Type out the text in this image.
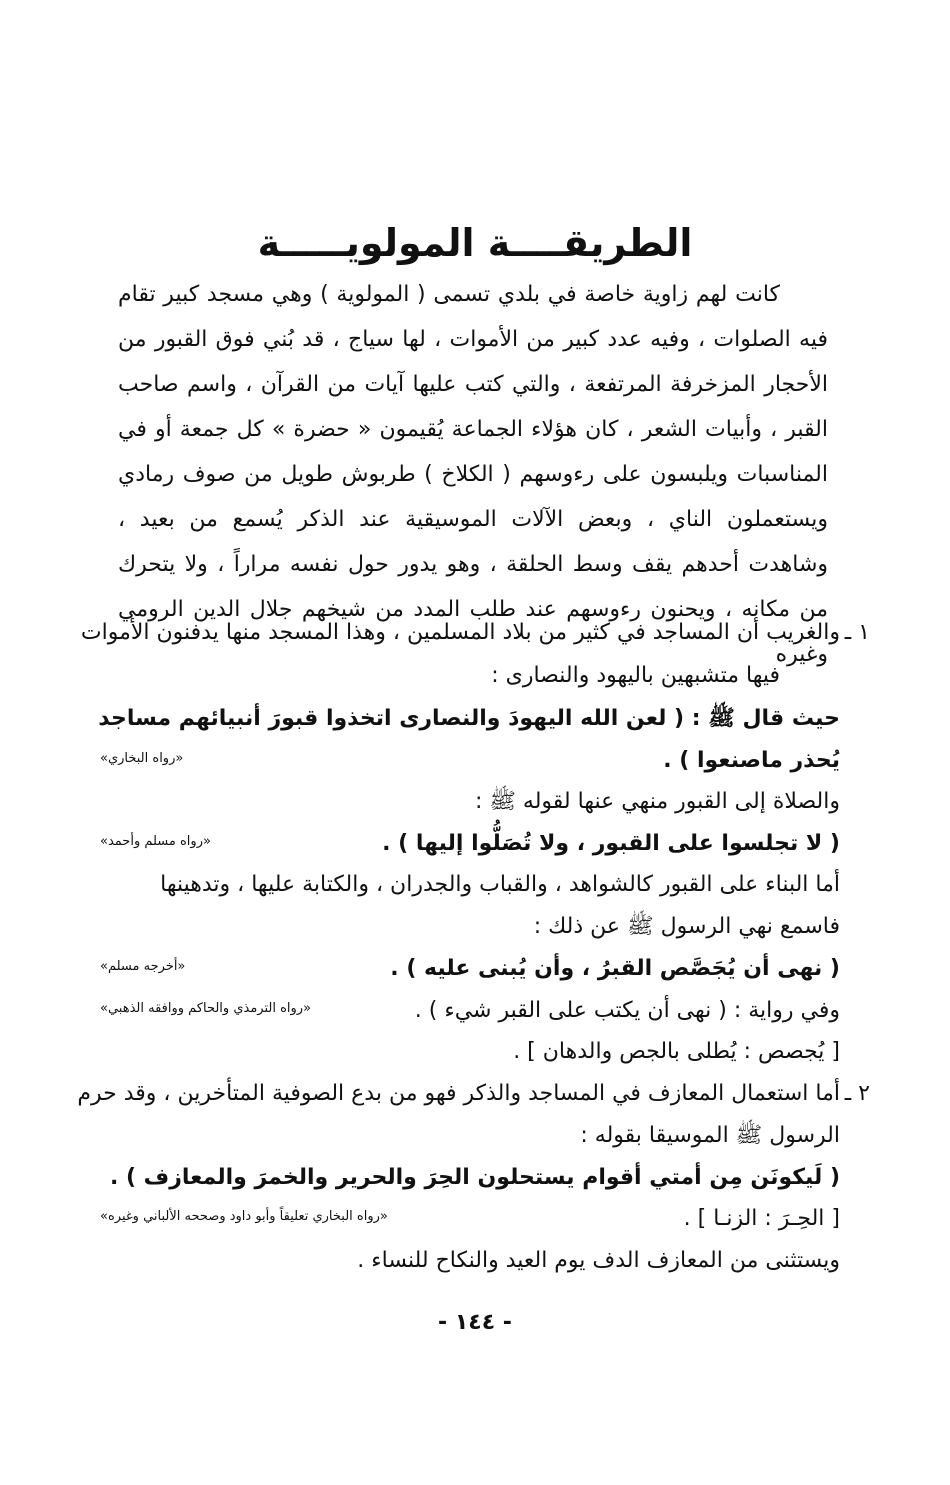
الطريقــــة المولويـــــة

كانت لهم زاوية خاصة في بلدي تسمى ( المولوية ) وهي مسجد كبير تقام فيه الصلوات ، وفيه عدد كبير من الأموات ، لها سياج ، قد بُني فوق القبور من الأحجار المزخرفة المرتفعة ، والتي كتب عليها آيات من القرآن ، واسم صاحب القبر ، وأبيات الشعر ، كان هؤلاء الجماعة يُقيمون « حضرة » كل جمعة أو في المناسبات ويلبسون على رءوسهم ( الكلاخ ) طربوش طويل من صوف رمادي ويستعملون الناي ، وبعض الآلات الموسيقية عند الذكر يُسمع من بعيد ، وشاهدت أحدهم يقف وسط الحلقة ، وهو يدور حول نفسه مراراً ، ولا يتحرك من مكانه ، ويحنون رءوسهم عند طلب المدد من شيخهم جلال الدين الرومي وغيره

١ ـ
والغريب أن المساجد في كثير من بلاد المسلمين ، وهذا المسجد منها يدفنون الأموات
فيها متشبهين باليهود والنصارى :
حيث قال ﷺ : ( لعن الله اليهودَ والنصارى اتخذوا قبورَ أنبيائهم مساجد
يُحذر ماصنعوا ) .
«رواه البخاري»
والصلاة إلى القبور منهي عنها لقوله ﷺ :
( لا تجلسوا على القبور ، ولا تُصَلُّوا إليها ) .
«رواه مسلم وأحمد»
أما البناء على القبور كالشواهد ، والقباب والجدران ، والكتابة عليها ، وتدهينها
فاسمع نهي الرسول ﷺ عن ذلك :
( نهى أن يُجَصَّص القبرُ ، وأن يُبنى عليه ) .
«أخرجه مسلم»
وفي رواية : ( نهى أن يكتب على القبر شيء ) .
«رواه الترمذي والحاكم ووافقه الذهبي»
[ يُجصص : يُطلى بالجص والدهان ] .
٢ ـ
أما استعمال المعازف في المساجد والذكر فهو من بدع الصوفية المتأخرين ، وقد حرم
الرسول ﷺ الموسيقا بقوله :
( لَيكونَن مِن أمتي أقوام يستحلون الحِرَ والحرير والخمرَ والمعازف ) .
[ الحِـرَ : الزنـا ] .
«رواه البخاري تعليقاً وأبو داود وصححه الألباني وغيره»
ويستثنى من المعازف الدف يوم العيد والنكاح للنساء .
- ١٤٤ -
